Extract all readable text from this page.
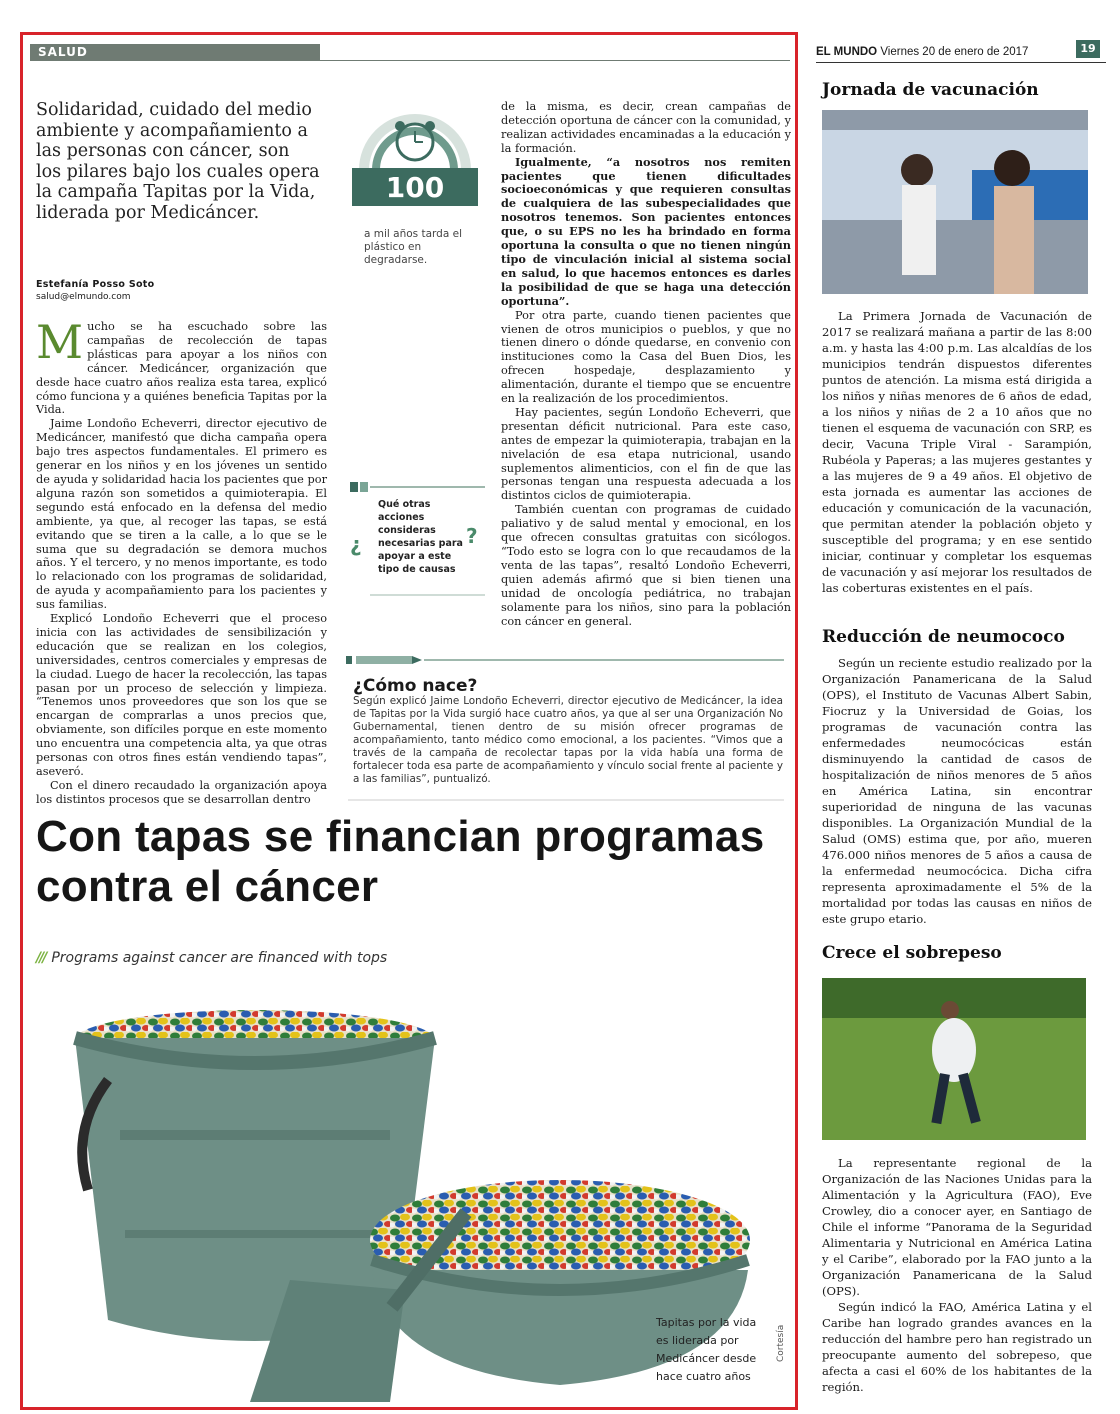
SALUD
Solidaridad, cuidado del medio ambiente y acompañamiento a las personas con cáncer, son los pilares bajo los cuales opera la campaña Tapitas por la Vida, liderada por Medicáncer.
Estefanía Posso Soto
salud@elmundo.com

Mucho se ha escuchado sobre las campañas de recolección de tapas plásticas para apoyar a los niños con cáncer. Medicáncer, organización que desde hace cuatro años realiza esta tarea, explicó cómo funciona y a quiénes beneficia Tapitas por la Vida.

Jaime Londoño Echeverri, director ejecutivo de Medicáncer, manifestó que dicha campaña opera bajo tres aspectos fundamentales. El primero es generar en los niños y en los jóvenes un sentido de ayuda y solidaridad hacia los pacientes que por alguna razón son sometidos a quimioterapia. El segundo está enfocado en la defensa del medio ambiente, ya que, al recoger las tapas, se está evitando que se tiren a la calle, a lo que se le suma que su degradación se demora muchos años. Y el tercero, y no menos importante, es todo lo relacionado con los programas de solidaridad, de ayuda y acompañamiento para los pacientes y sus familias.

Explicó Londoño Echeverri que el proceso inicia con las actividades de sensibilización y educación que se realizan en los colegios, universidades, centros comerciales y empresas de la ciudad. Luego de hacer la recolección, las tapas pasan por un proceso de selección y limpieza. “Tenemos unos proveedores que son los que se encargan de comprarlas a unos precios que, obviamente, son difíciles porque en este momento uno encuentra una competencia alta, ya que otras personas con otros fines están vendiendo tapas”, aseveró.

Con el dinero recaudado la organización apoya los distintos procesos que se desarrollan dentro

100
a mil años tarda el plástico en degradarse.
¿
Qué otras acciones consideras necesarias para apoyar a este tipo de causas
?

de la misma, es decir, crean campañas de detección oportuna de cáncer con la comunidad, y realizan actividades encaminadas a la educación y la formación.

Igualmente, “a nosotros nos remiten pacientes que tienen dificultades socioeconómicas y que requieren consultas de cualquiera de las subespecialidades que nosotros tenemos. Son pacientes entonces que, o su EPS no les ha brindado en forma oportuna la consulta o que no tienen ningún tipo de vinculación inicial al sistema social en salud, lo que hacemos entonces es darles la posibilidad de que se haga una detección oportuna”.

Por otra parte, cuando tienen pacientes que vienen de otros municipios o pueblos, y que no tienen dinero o dónde quedarse, en convenio con instituciones como la Casa del Buen Dios, les ofrecen hospedaje, desplazamiento y alimentación, durante el tiempo que se encuentre en la realización de los procedimientos.

Hay pacientes, según Londoño Echeverri, que presentan déficit nutricional. Para este caso, antes de empezar la quimioterapia, trabajan en la nivelación de esa etapa nutricional, usando suplementos alimenticios, con el fin de que las personas tengan una respuesta adecuada a los distintos ciclos de quimioterapia.

También cuentan con programas de cuidado paliativo y de salud mental y emocional, en los que ofrecen consultas gratuitas con sicólogos. “Todo esto se logra con lo que recaudamos de la venta de las tapas”, resaltó Londoño Echeverri, quien además afirmó que si bien tienen una unidad de oncología pediátrica, no trabajan solamente para los niños, sino para la población con cáncer en general.

¿Cómo nace?
Según explicó Jaime Londoño Echeverri, director ejecutivo de Medicáncer, la idea de Tapitas por la Vida surgió hace cuatro años, ya que al ser una Organización No Gubernamental, tienen dentro de su misión ofrecer programas de acompañamiento, tanto médico como emocional, a los pacientes. “Vimos que a través de la campaña de recolectar tapas por la vida había una forma de fortalecer toda esa parte de acompañamiento y vínculo social frente al paciente y a las familias”, puntualizó.
Con tapas se financian programas contra el cáncer
/// Programs against cancer are financed with tops
Tapitas por la vida es liderada por Medicáncer desde hace cuatro años
Cortesía
EL MUNDO Viernes 20 de enero de 2017	19
Jornada de vacunación

La Primera Jornada de Vacunación de 2017 se realizará mañana a partir de las 8:00 a.m. y hasta las 4:00 p.m. Las alcaldías de los municipios tendrán dispuestos diferentes puntos de atención. La misma está dirigida a los niños y niñas menores de 6 años de edad, a los niños y niñas de 2 a 10 años que no tienen el esquema de vacunación con SRP, es decir, Vacuna Triple Viral - Sarampión, Rubéola y Paperas; a las mujeres gestantes y a las mujeres de 9 a 49 años. El objetivo de esta jornada es aumentar las acciones de educación y comunicación de la vacunación, que permitan atender la población objeto y susceptible del programa; y en ese sentido iniciar, continuar y completar los esquemas de vacunación y así mejorar los resultados de las coberturas existentes en el país.

Reducción de neumococo

Según un reciente estudio realizado por la Organización Panamericana de la Salud (OPS), el Instituto de Vacunas Albert Sabin, Fiocruz y la Universidad de Goias, los programas de vacunación contra las enfermedades neumocócicas están disminuyendo la cantidad de casos de hospitalización de niños menores de 5 años en América Latina, sin encontrar superioridad de ninguna de las vacunas disponibles. La Organización Mundial de la Salud (OMS) estima que, por año, mueren 476.000 niños menores de 5 años a causa de la enfermedad neumocócica. Dicha cifra representa aproximadamente el 5% de la mortalidad por todas las causas en niños de este grupo etario.

Crece el sobrepeso

La representante regional de la Organización de las Naciones Unidas para la Alimentación y la Agricultura (FAO), Eve Crowley, dio a conocer ayer, en Santiago de Chile el informe “Panorama de la Seguridad Alimentaria y Nutricional en América Latina y el Caribe”, elaborado por la FAO junto a la Organización Panamericana de la Salud (OPS).

Según indicó la FAO, América Latina y el Caribe han logrado grandes avances en la reducción del hambre pero han registrado un preocupante aumento del sobrepeso, que afecta a casi el 60% de los habitantes de la región.
